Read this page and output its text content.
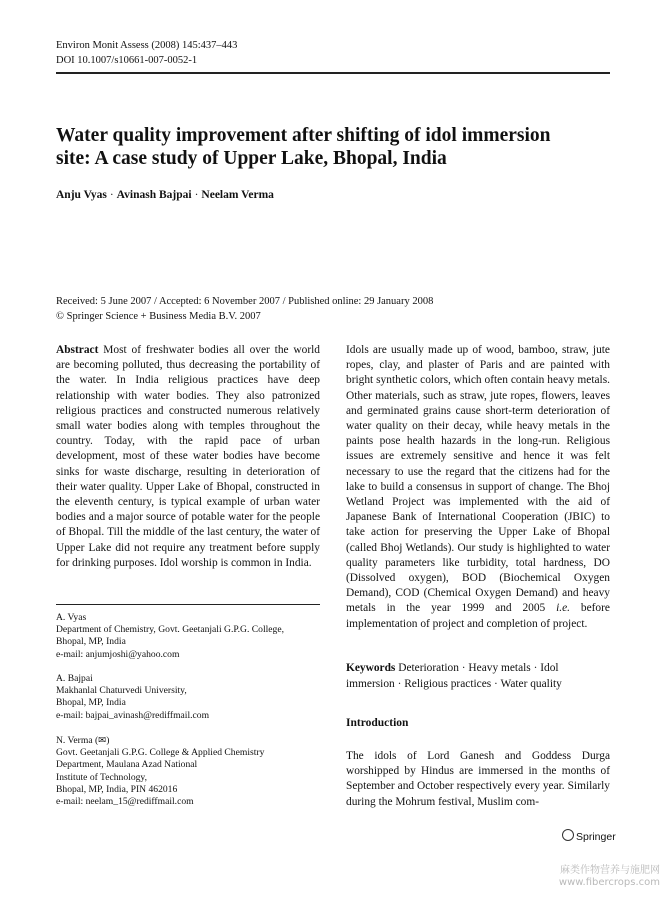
Environ Monit Assess (2008) 145:437–443
DOI 10.1007/s10661-007-0052-1
Water quality improvement after shifting of idol immersion
site: A case study of Upper Lake, Bhopal, India
Anju Vyas · Avinash Bajpai · Neelam Verma
Received: 5 June 2007 / Accepted: 6 November 2007 / Published online: 29 January 2008
© Springer Science + Business Media B.V. 2007

Abstract Most of freshwater bodies all over the world are becoming polluted, thus decreasing the portability of the water. In India religious practices have deep relationship with water bodies. They also patronized religious practices and constructed numerous relatively small water bodies along with temples throughout the country. Today, with the rapid pace of urban development, most of these water bodies have become sinks for waste discharge, resulting in deterioration of their water quality. Upper Lake of Bhopal, constructed in the eleventh century, is typical example of urban water bodies and a major source of potable water for the people of Bhopal. Till the middle of the last century, the water of Upper Lake did not require any treatment before supply for drinking purposes. Idol worship is common in India.

A. Vyas
Department of Chemistry, Govt. Geetanjali G.P.G. College,
Bhopal, MP, India
e-mail: anjumjoshi@yahoo.com
A. Bajpai
Makhanlal Chaturvedi University,
Bhopal, MP, India
e-mail: bajpai_avinash@rediffmail.com
N. Verma (✉)
Govt. Geetanjali G.P.G. College & Applied Chemistry
Department, Maulana Azad National
Institute of Technology,
Bhopal, MP, India, PIN 462016
e-mail: neelam_15@rediffmail.com

Idols are usually made up of wood, bamboo, straw, jute ropes, clay, and plaster of Paris and are painted with bright synthetic colors, which often contain heavy metals. Other materials, such as straw, jute ropes, flowers, leaves and germinated grains cause short-term deterioration of water quality on their decay, while heavy metals in the paints pose health hazards in the long-run. Religious issues are extremely sensitive and hence it was felt necessary to use the regard that the citizens had for the lake to build a consensus in support of change. The Bhoj Wetland Project was implemented with the aid of Japanese Bank of International Cooperation (JBIC) to take action for preserving the Upper Lake of Bhopal (called Bhoj Wetlands). Our study is highlighted to water quality parameters like turbidity, total hardness, DO (Dissolved oxygen), BOD (Biochemical Oxygen Demand), COD (Chemical Oxygen Demand) and heavy metals in the year 1999 and 2005 i.e. before implementation of project and completion of project.

Keywords Deterioration · Heavy metals · Idol immersion · Religious practices · Water quality
Introduction
The idols of Lord Ganesh and Goddess Durga worshipped by Hindus are immersed in the months of September and October respectively every year. Similarly during the Mohrum festival, Muslim com-
Springer
麻类作物营养与施肥网
www.fibercrops.com
